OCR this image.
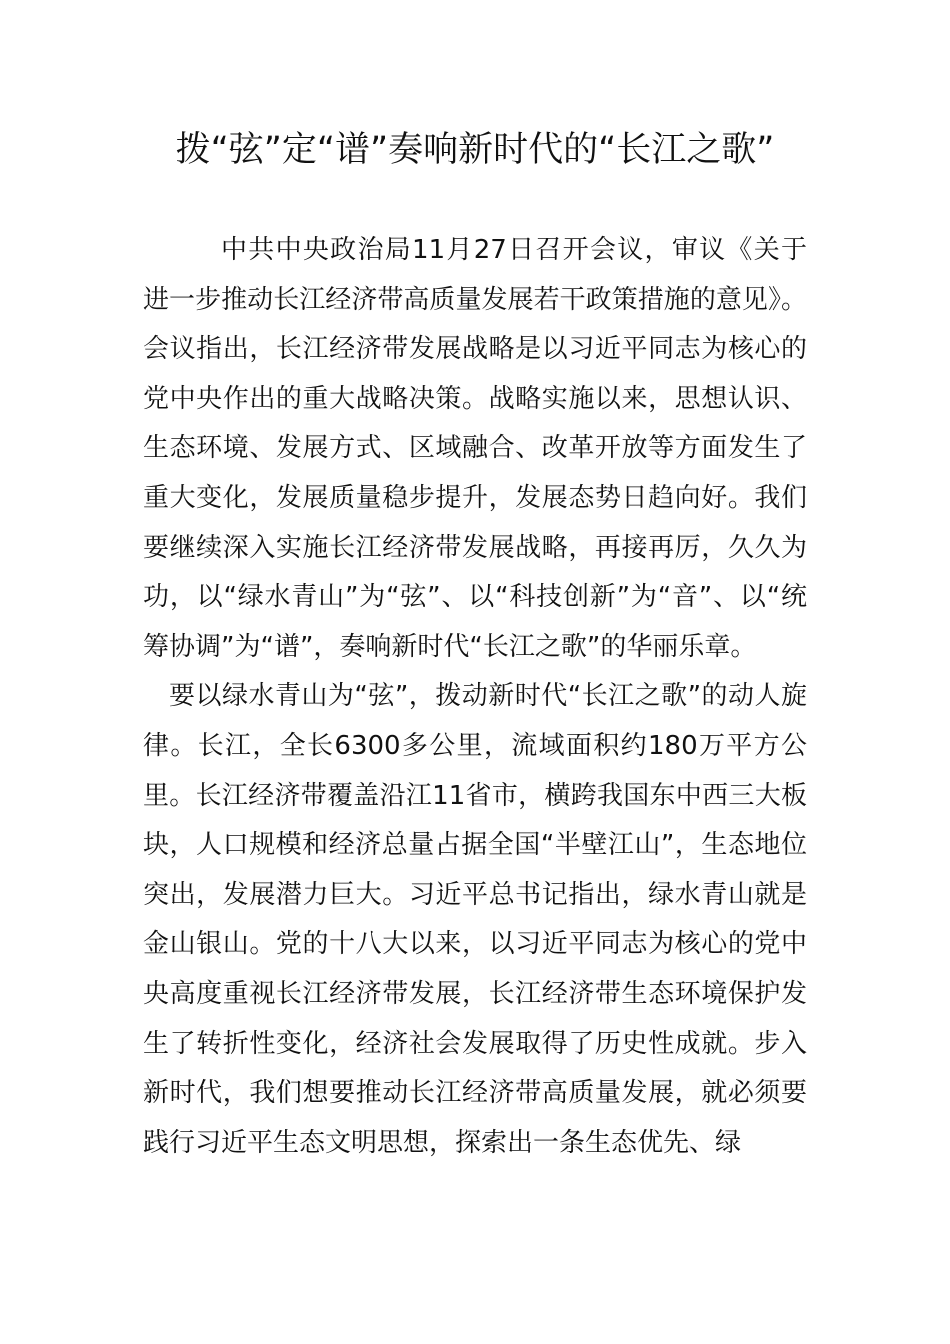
拨“弦”定“谱”奏响新时代的“长江之歌”

中共中央政治局11月27日召开会议，审议《关于进一步推动长江经济带高质量发展若干政策措施的意见》。会议指出，长江经济带发展战略是以习近平同志为核心的党中央作出的重大战略决策。战略实施以来，思想认识、生态环境、发展方式、区域融合、改革开放等方面发生了重大变化，发展质量稳步提升，发展态势日趋向好。我们要继续深入实施长江经济带发展战略，再接再厉，久久为功，以“绿水青山”为“弦”、以“科技创新”为“音”、以“统筹协调”为“谱”，奏响新时代“长江之歌”的华丽乐章。

要以绿水青山为“弦”，拨动新时代“长江之歌”的动人旋律。长江，全长6300多公里，流域面积约180万平方公里。长江经济带覆盖沿江11省市，横跨我国东中西三大板块，人口规模和经济总量占据全国“半壁江山”，生态地位突出，发展潜力巨大。习近平总书记指出，绿水青山就是金山银山。党的十八大以来，以习近平同志为核心的党中央高度重视长江经济带发展，长江经济带生态环境保护发生了转折性变化，经济社会发展取得了历史性成就。步入新时代，我们想要推动长江经济带高质量发展，就必须要践行习近平生态文明思想，探索出一条生态优先、绿
